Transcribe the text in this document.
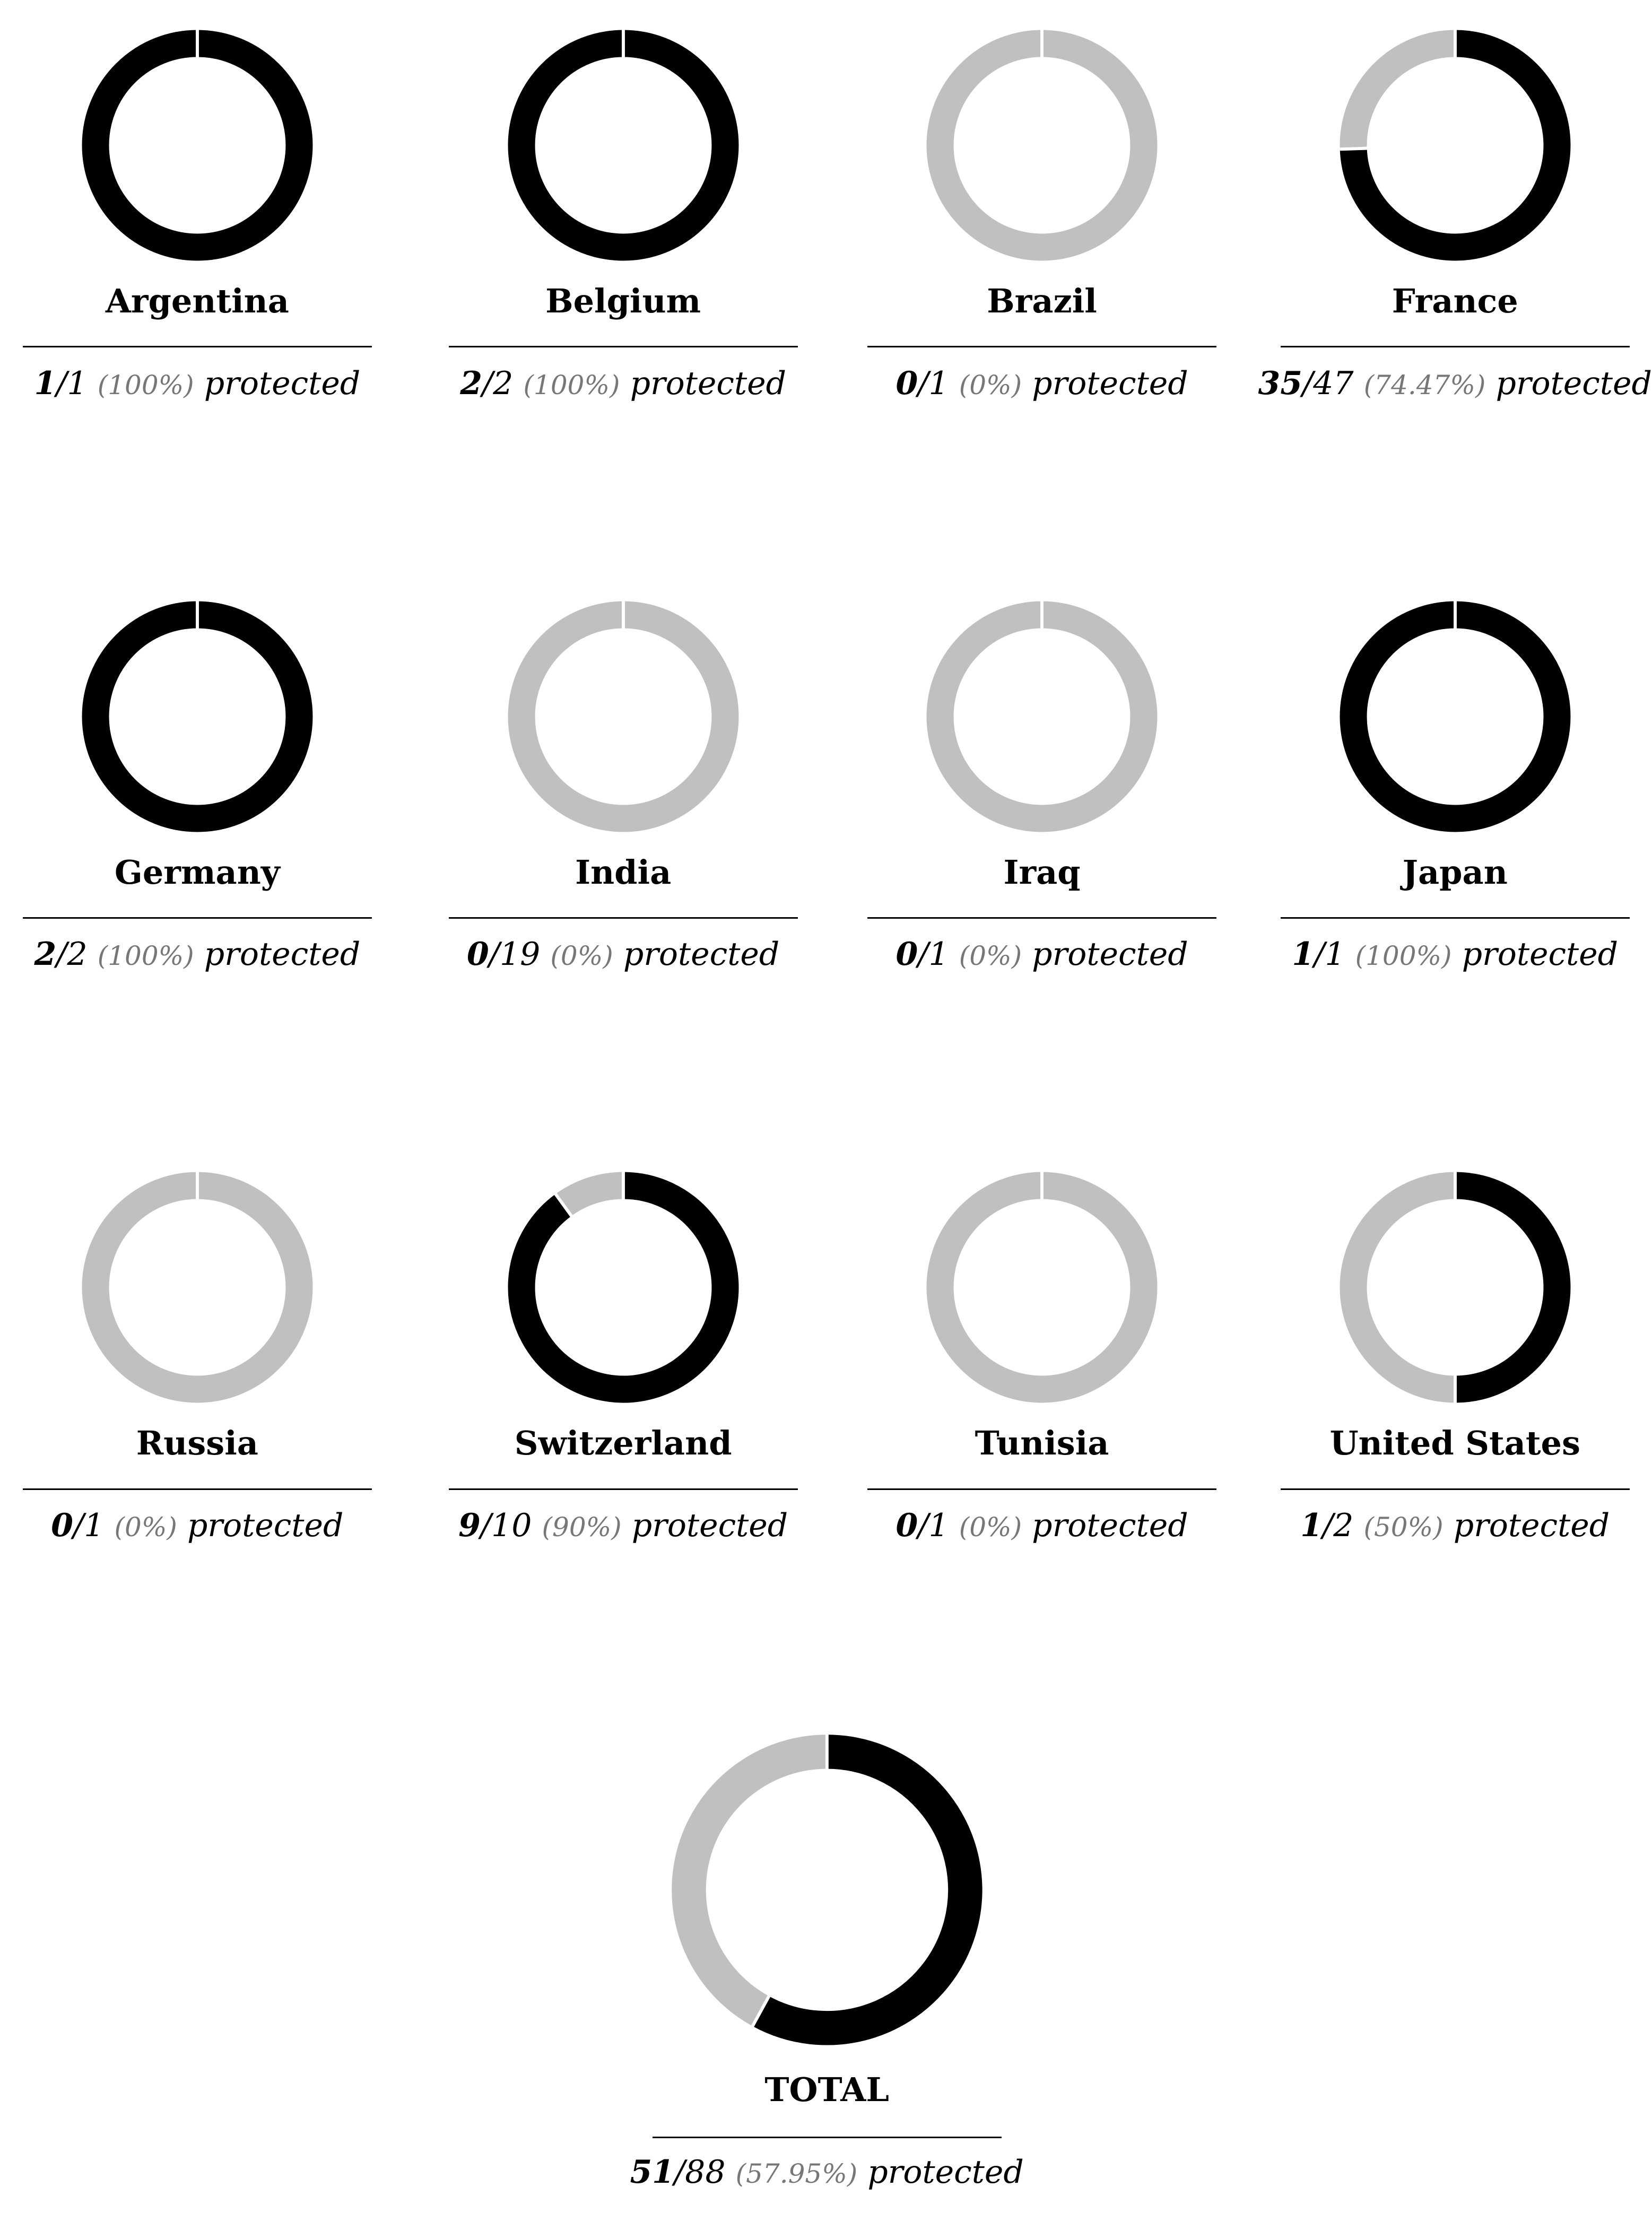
Argentina
1/1 (100%) protected
Belgium
2/2 (100%) protected
Brazil
0/1 (0%) protected
France
35/47 (74.47%) protected
Germany
2/2 (100%) protected
India
0/19 (0%) protected
Iraq
0/1 (0%) protected
Japan
1/1 (100%) protected
Russia
0/1 (0%) protected
Switzerland
9/10 (90%) protected
Tunisia
0/1 (0%) protected
United States
1/2 (50%) protected
TOTAL
51/88 (57.95%) protected
